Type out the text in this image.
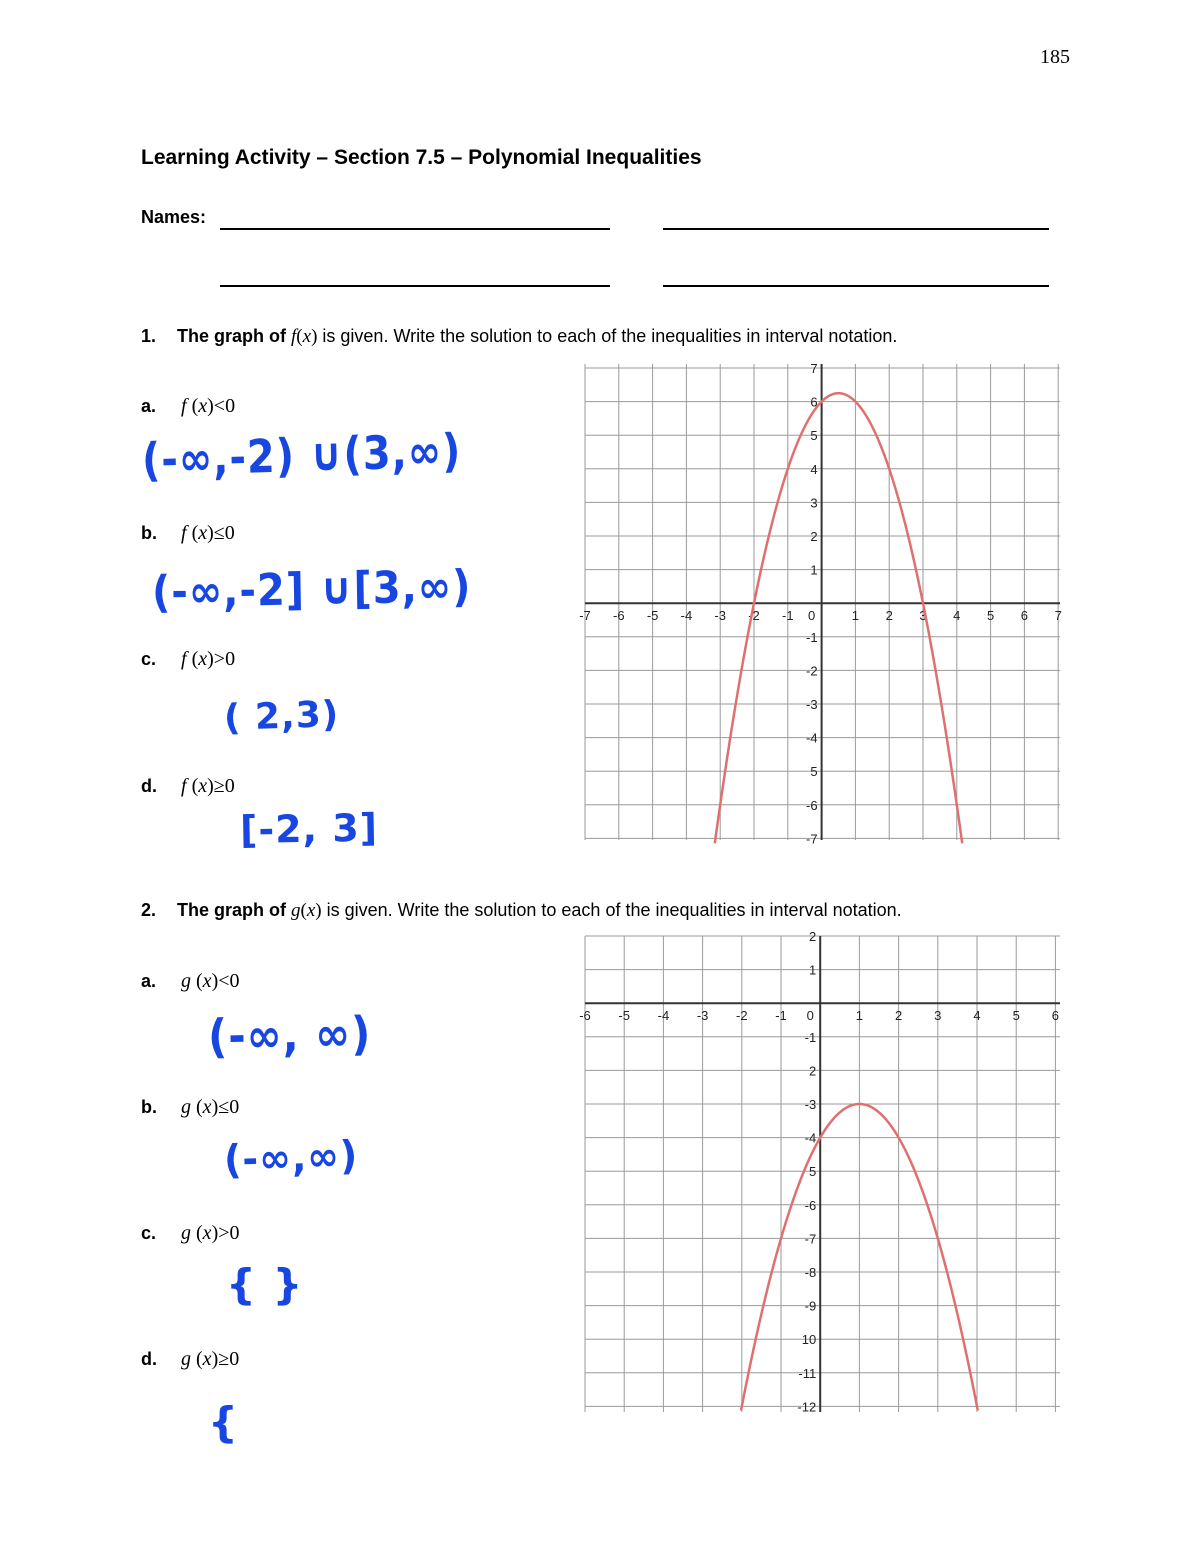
185
Learning Activity – Section 7.5 – Polynomial Inequalities
Names:
1. The graph of f(x) is given. Write the solution to each of the inequalities in interval notation.
a. f (x)<0
(-∞,-2) ∪(3,∞)
b. f (x)≤0
(-∞,-2] ∪[3,∞)
c. f (x)>0
( 2,3)
d. f (x)≥0
[-2, 3]
-7 -6 -5 -4 -3 -2 -1 0	1 2 3 4 5 6 7
7
6
5
4
3
2
1
-1
-2
-3
-4
5
-6
-7
2. The graph of g(x) is given. Write the solution to each of the inequalities in interval notation.
a. g (x)<0
(-∞, ∞)
b. g (x)≤0
(-∞,∞)
c. g (x)>0
{ }
d. g (x)≥0
{
-6 -5 -4 -3 -2 -1 0	1 2 3 4 5 6
2
1
-1
2
-3
-4
5
-6
-7
-8
-9
10
-11
-12
